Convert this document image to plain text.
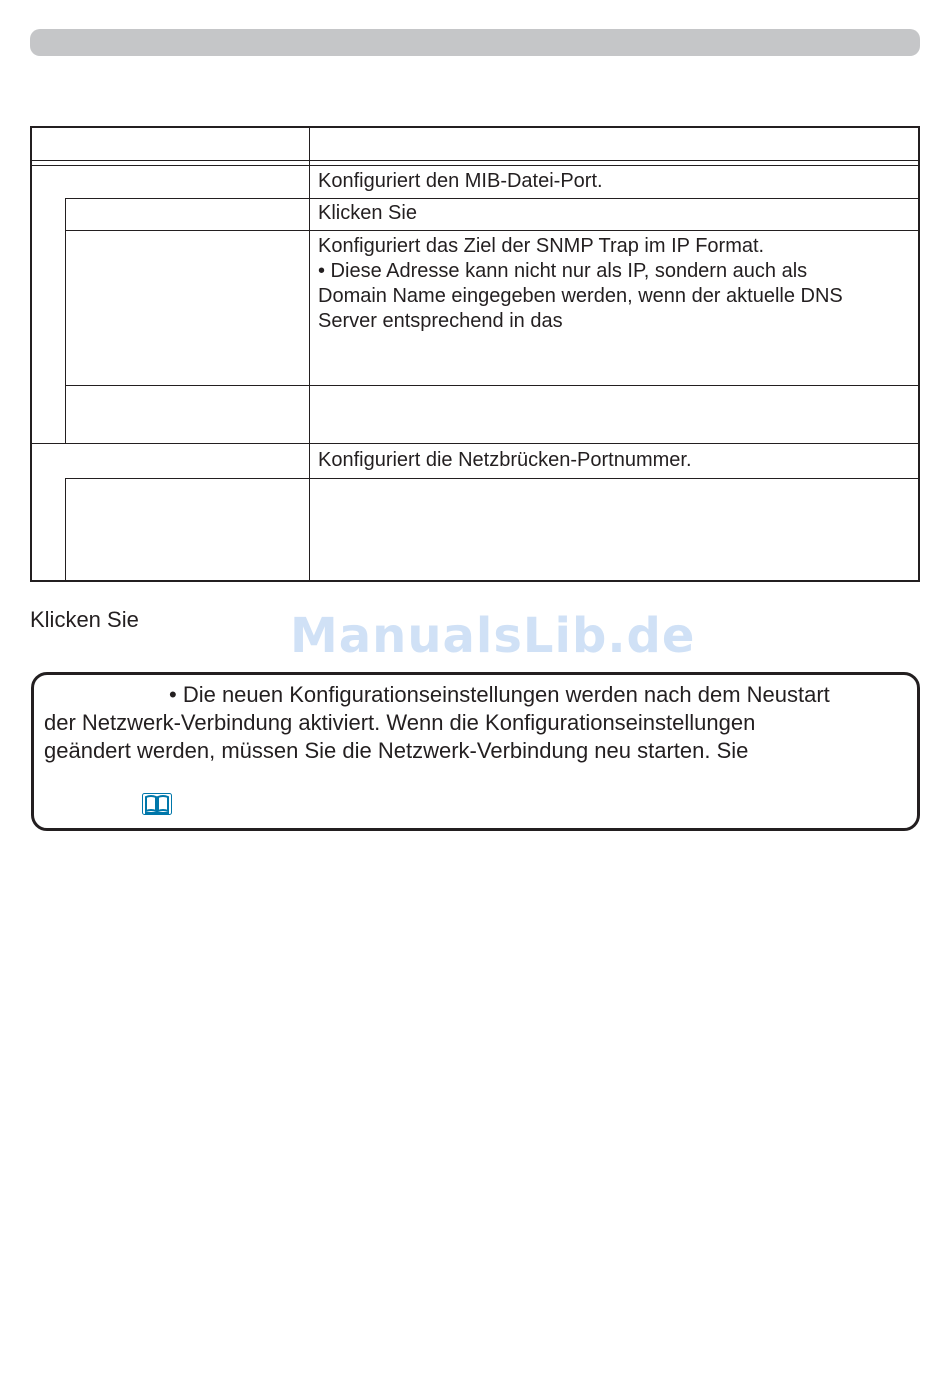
Konfiguriert den MIB-Datei-Port.
Klicken Sie
Konfiguriert das Ziel der SNMP Trap im IP Format.
• Diese Adresse kann nicht nur als IP, sondern auch als
Domain Name eingegeben werden, wenn der aktuelle DNS
Server entsprechend in das
Konfiguriert die Netzbrücken-Portnummer.
Klicken Sie	ManualsLib.de
• Die neuen Konfigurationseinstellungen werden nach dem Neustart
der Netzwerk-Verbindung aktiviert. Wenn die Konfigurationseinstellungen
geändert werden, müssen Sie die Netzwerk-Verbindung neu starten. Sie
